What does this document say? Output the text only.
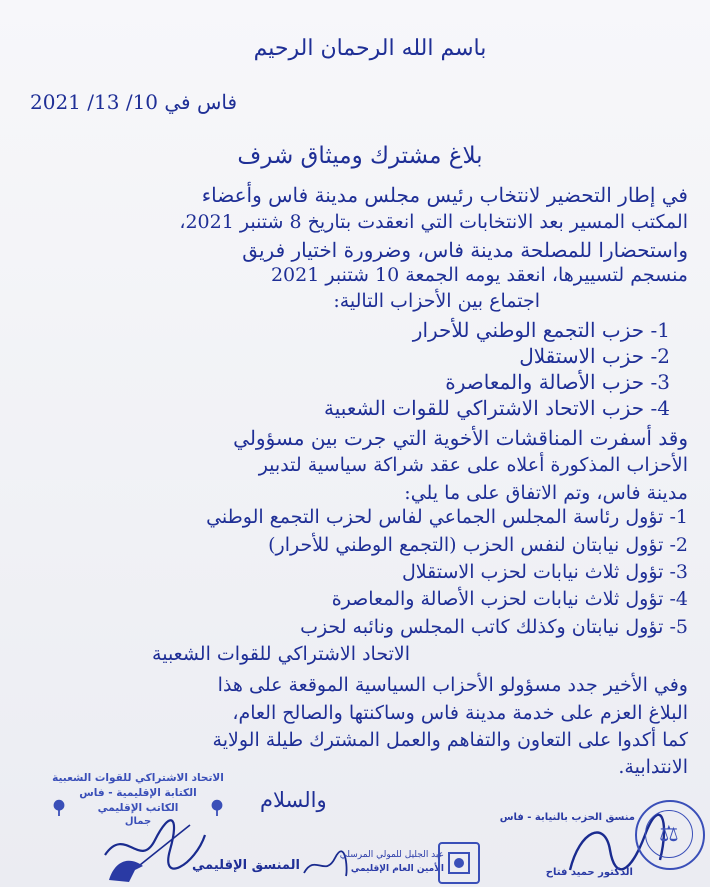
باسم الله الرحمان الرحيم
فاس في 10/ 13/ 2021
بلاغ مشترك وميثاق شرف
في إطار التحضير لانتخاب رئيس مجلس مدينة فاس وأعضاء
المكتب المسير بعد الانتخابات التي انعقدت بتاريخ 8 شتنبر 2021،
واستحضارا للمصلحة مدينة فاس، وضرورة اختيار فريق
منسجم لتسييرها، انعقد يومه الجمعة 10 شتنبر 2021
اجتماع بين الأحزاب التالية:
1- حزب التجمع الوطني للأحرار
2- حزب الاستقلال
3- حزب الأصالة والمعاصرة
4- حزب الاتحاد الاشتراكي للقوات الشعبية
وقد أسفرت المناقشات الأخوية التي جرت بين مسؤولي
الأحزاب المذكورة أعلاه على عقد شراكة سياسية لتدبير
مدينة فاس، وتم الاتفاق على ما يلي:
1- تؤول رئاسة المجلس الجماعي لفاس لحزب التجمع الوطني
2- تؤول نيابتان لنفس الحزب (التجمع الوطني للأحرار)
3- تؤول ثلاث نيابات لحزب الاستقلال
4- تؤول ثلاث نيابات لحزب الأصالة والمعاصرة
5- تؤول نيابتان وكذلك كاتب المجلس ونائبه لحزب
الاتحاد الاشتراكي للقوات الشعبية
وفي الأخير جدد مسؤولو الأحزاب السياسية الموقعة على هذا
البلاغ العزم على خدمة مدينة فاس وساكنتها والصالح العام،
كما أكدوا على التعاون والتفاهم والعمل المشترك طيلة الولاية
الانتدابية.
والسلام
الاتحاد الاشتراكي للقوات الشعبية
الكتابة الإقليمية - فاس
الكاتب الإقليمي
جمال
المنسق الإقليمي
عبد الجليل للمولي المرسلي
الأمين العام الإقليمي
منسق الحزب بالنيابة - فاس
الدكتور حميد فتاح
⚖
